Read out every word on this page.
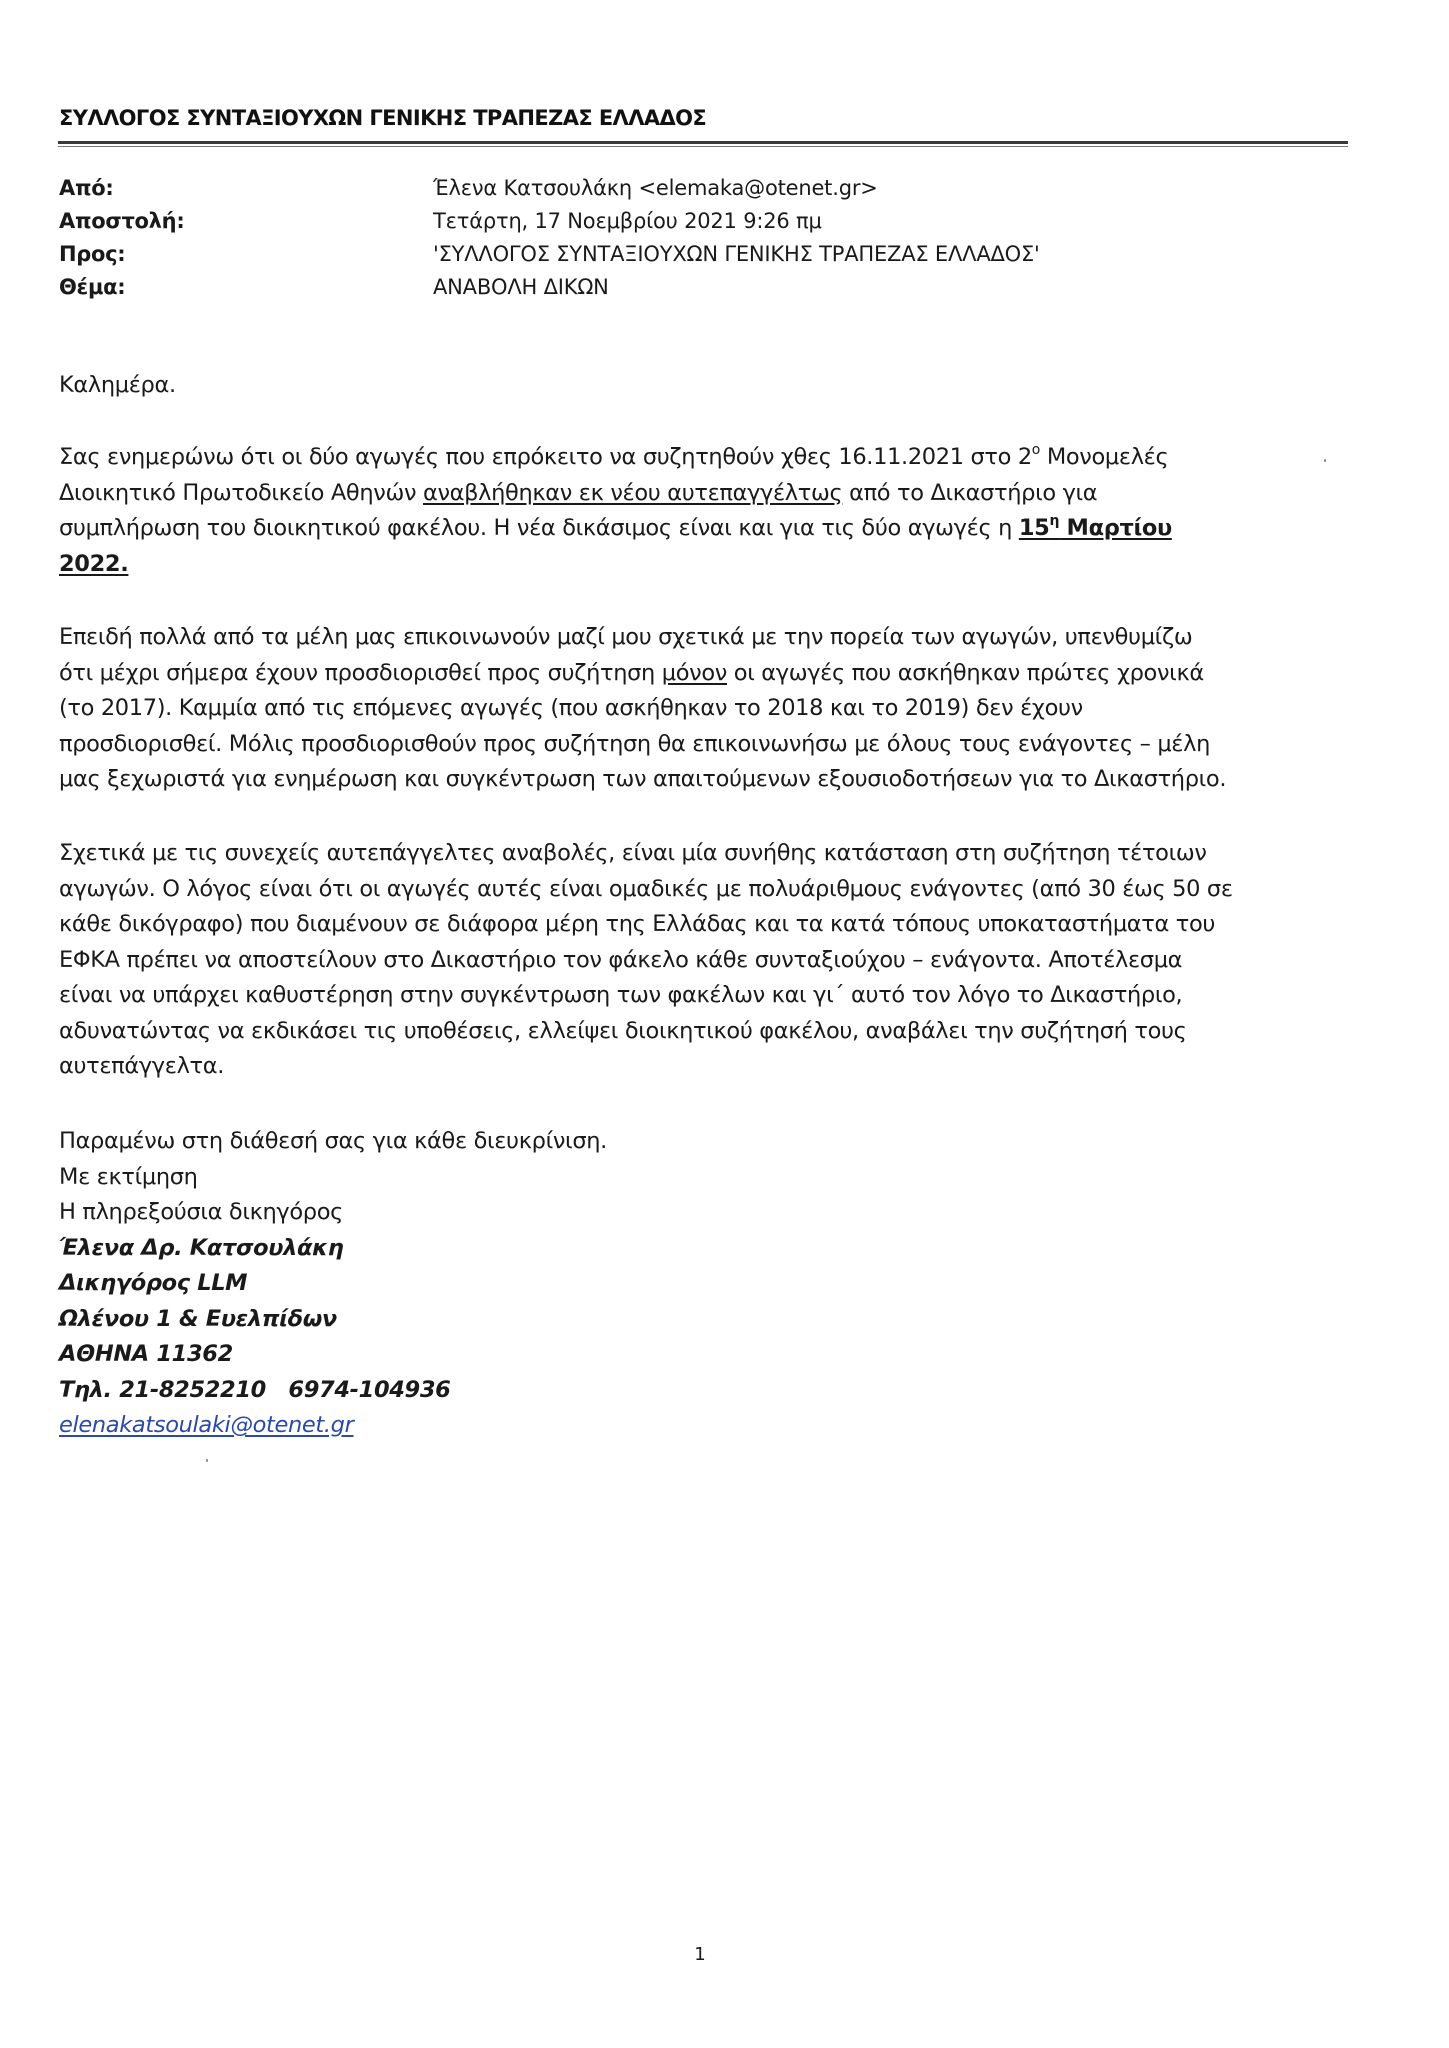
ΣΥΛΛΟΓΟΣ ΣΥΝΤΑΞΙΟΥΧΩΝ ΓΕΝΙΚΗΣ ΤΡΑΠΕΖΑΣ ΕΛΛΑΔΟΣ
Από:	Έλενα Κατσουλάκη <elemaka@otenet.gr>
Αποστολή:	Τετάρτη, 17 Νοεμβρίου 2021 9:26 πμ
Προς:	'ΣΥΛΛΟΓΟΣ ΣΥΝΤΑΞΙΟΥΧΩΝ ΓΕΝΙΚΗΣ ΤΡΑΠΕΖΑΣ ΕΛΛΑΔΟΣ'
Θέμα:	ΑΝΑΒΟΛΗ ΔΙΚΩΝ
Καλημέρα.
Σας ενημερώνω ότι οι δύο αγωγές που επρόκειτο να συζητηθούν χθες 16.11.2021 στο $2^o$ Μονομελές
Διοικητικό Πρωτοδικείο Αθηνών αναβλήθηκαν εκ νέου αυτεπαγγέλτως από το Δικαστήριο για
συμπλήρωση του διοικητικού φακέλου. Η νέα δικάσιμος είναι και για τις δύο αγωγές η $15^\eta$ Μαρτίου
2022.
Επειδή πολλά από τα μέλη μας επικοινωνούν μαζί μου σχετικά με την πορεία των αγωγών, υπενθυμίζω
ότι μέχρι σήμερα έχουν προσδιορισθεί προς συζήτηση μόνον οι αγωγές που ασκήθηκαν πρώτες χρονικά
(το 2017). Καμμία από τις επόμενες αγωγές (που ασκήθηκαν το 2018 και το 2019) δεν έχουν
προσδιορισθεί. Μόλις προσδιορισθούν προς συζήτηση θα επικοινωνήσω με όλους τους ενάγοντες – μέλη
μας ξεχωριστά για ενημέρωση και συγκέντρωση των απαιτούμενων εξουσιοδοτήσεων για το Δικαστήριο.
Σχετικά με τις συνεχείς αυτεπάγγελτες αναβολές, είναι μία συνήθης κατάσταση στη συζήτηση τέτοιων
αγωγών. Ο λόγος είναι ότι οι αγωγές αυτές είναι ομαδικές με πολυάριθμους ενάγοντες (από 30 έως 50 σε
κάθε δικόγραφο) που διαμένουν σε διάφορα μέρη της Ελλάδας και τα κατά τόπους υποκαταστήματα του
ΕΦΚΑ πρέπει να αποστείλουν στο Δικαστήριο τον φάκελο κάθε συνταξιούχου – ενάγοντα. Αποτέλεσμα
είναι να υπάρχει καθυστέρηση στην συγκέντρωση των φακέλων και γι΄ αυτό τον λόγο το Δικαστήριο,
αδυνατώντας να εκδικάσει τις υποθέσεις, ελλείψει διοικητικού φακέλου, αναβάλει την συζήτησή τους
αυτεπάγγελτα.
Παραμένω στη διάθεσή σας για κάθε διευκρίνιση.
Με εκτίμηση
Η πληρεξούσια δικηγόρος
Έλενα Δρ. Κατσουλάκη
Δικηγόρος LLM
Ωλένου 1 & Ευελπίδων
ΑΘΗΝΑ 11362
Τηλ. 21-8252210   6974-104936
elenakatsoulaki@otenet.gr
1
